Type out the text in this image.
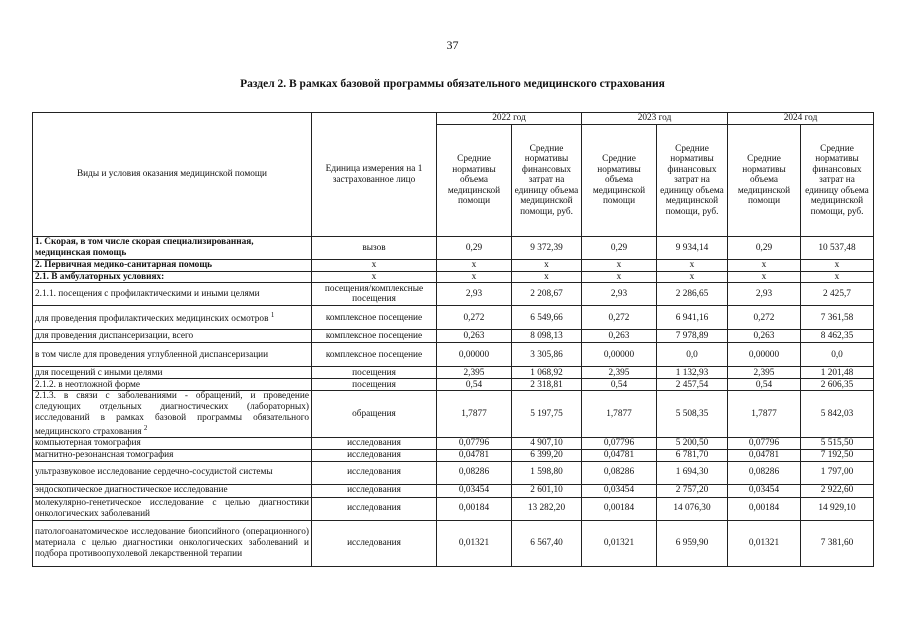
37
Раздел 2. В рамках базовой программы обязательного медицинского страхования
Виды и условия оказания медицинской помощи	Единица измерения на 1 застрахованное лицо	2022 год		2023 год		2024 год	
		Средние нормативы объема медицинской помощи	Средние нормативы финансовых затрат на единицу объема медицинской помощи, руб.	Средние нормативы объема медицинской помощи	Средние нормативы финансовых затрат на единицу объема медицинской помощи, руб.	Средние нормативы объема медицинской помощи	Средние нормативы финансовых затрат на единицу объема медицинской помощи, руб.
1. Скорая, в том числе скорая специализированная, медицинская помощь	вызов	0,29	9 372,39	0,29	9 934,14	0,29	10 537,48
2. Первичная медико-санитарная помощь	х	х	х	х	х	х	х
2.1. В амбулаторных условиях:	х	х	х	х	х	х	х
2.1.1. посещения с профилактическими и иными целями	посещения/комплексные посещения	2,93	2 208,67	2,93	2 286,65	2,93	2 425,7
для проведения профилактических медицинских осмотров $^1$	комплексное посещение	0,272	6 549,66	0,272	6 941,16	0,272	7 361,58
для проведения диспансеризации, всего	комплексное посещение	0,263	8 098,13	0,263	7 978,89	0,263	8 462,35
в том числе для проведения углубленной диспансеризации	комплексное посещение	0,00000	3 305,86	0,00000	0,0	0,00000	0,0
для посещений с иными целями	посещения	2,395	1 068,92	2,395	1 132,93	2,395	1 201,48
2.1.2. в неотложной форме	посещения	0,54	2 318,81	0,54	2 457,54	0,54	2 606,35
2.1.3. в связи с заболеваниями - обращений, и проведение следующих отдельных диагностических (лабораторных) исследований в рамках базовой программы обязательного медицинского страхования $^2$	обращения	1,7877	5 197,75	1,7877	5 508,35	1,7877	5 842,03
компьютерная томография	исследования	0,07796	4 907,10	0,07796	5 200,50	0,07796	5 515,50
магнитно-резонансная томография	исследования	0,04781	6 399,20	0,04781	6 781,70	0,04781	7 192,50
ультразвуковое исследование сердечно-сосудистой системы	исследования	0,08286	1 598,80	0,08286	1 694,30	0,08286	1 797,00
эндоскопическое диагностическое исследование	исследования	0,03454	2 601,10	0,03454	2 757,20	0,03454	2 922,60
молекулярно-генетическое исследование с целью диагностики онкологических заболеваний	исследования	0,00184	13 282,20	0,00184	14 076,30	0,00184	14 929,10
патологоанатомическое исследование биопсийного (операционного) материала с целью диагностики онкологических заболеваний и подбора противоопухолевой лекарственной терапии	исследования	0,01321	6 567,40	0,01321	6 959,90	0,01321	7 381,60
